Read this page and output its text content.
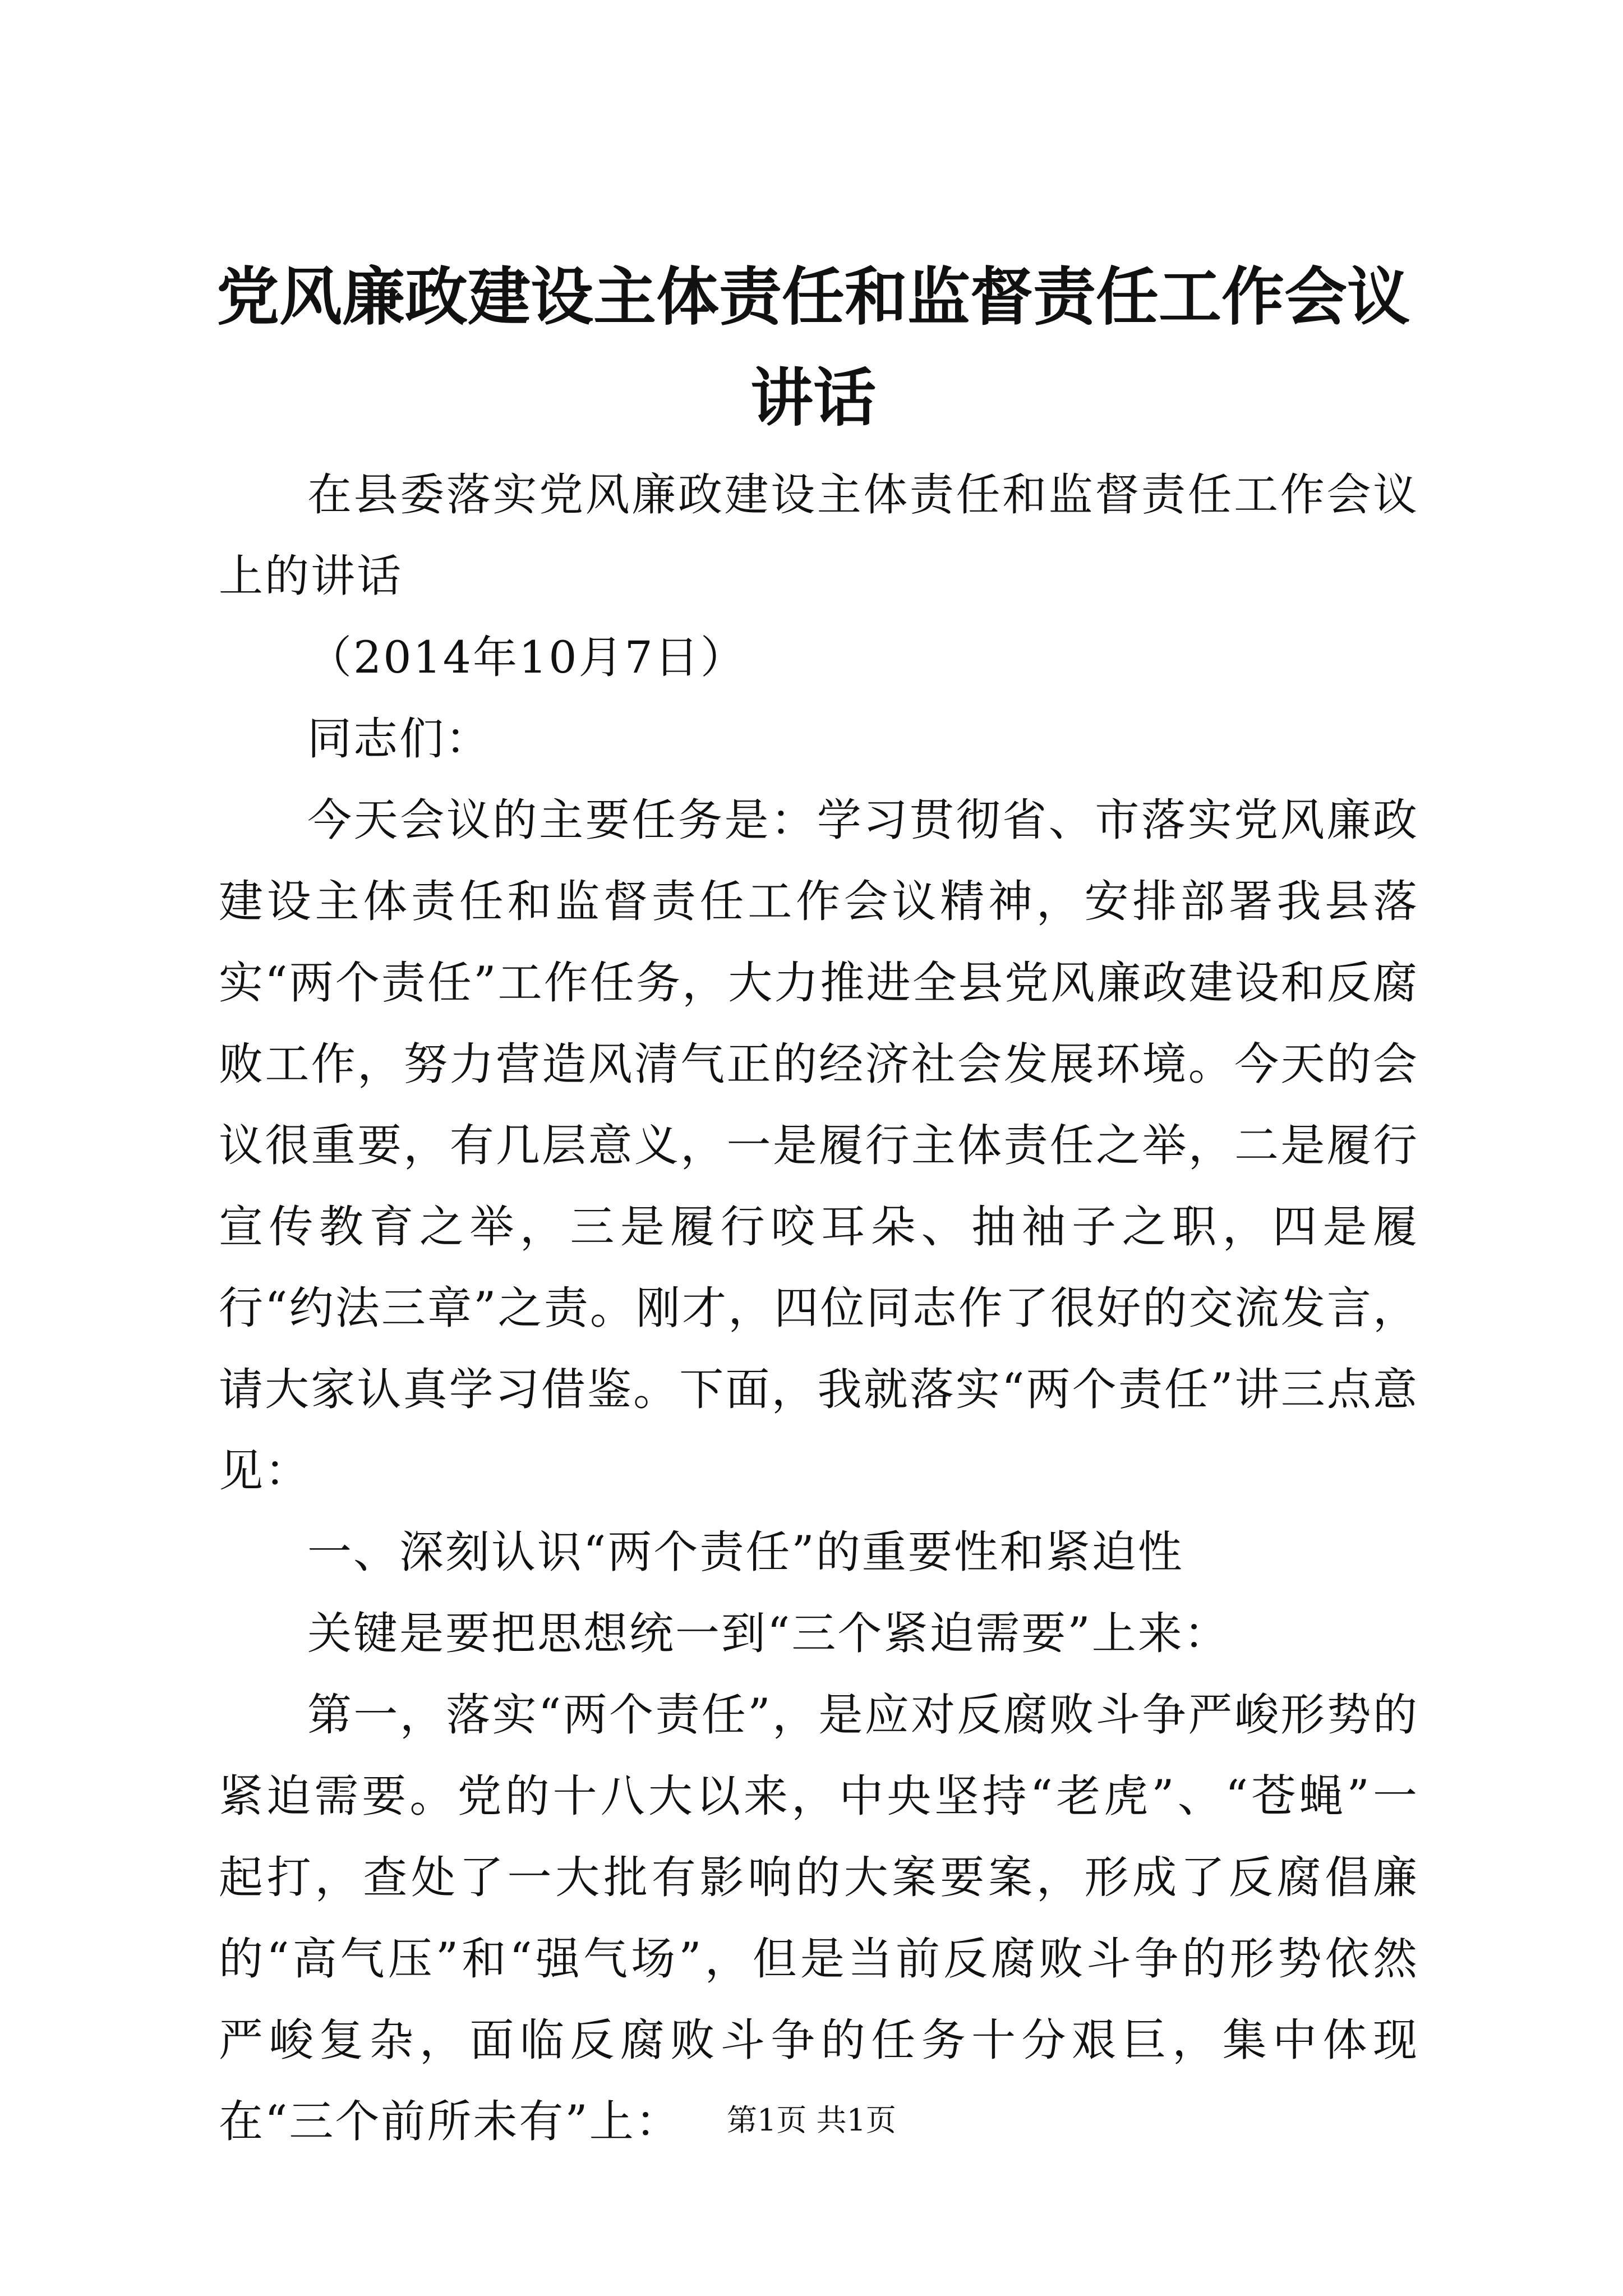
党风廉政建设主体责任和监督责任工作会议讲话

在县委落实党风廉政建设主体责任和监督责任工作会议上的讲话

（2014年10月7日）

同志们：

今天会议的主要任务是：学习贯彻省、市落实党风廉政建设主体责任和监督责任工作会议精神，安排部署我县落实“两个责任”工作任务，大力推进全县党风廉政建设和反腐败工作，努力营造风清气正的经济社会发展环境。今天的会议很重要，有几层意义，一是履行主体责任之举，二是履行宣传教育之举，三是履行咬耳朵、抽袖子之职，四是履行“约法三章”之责。刚才，四位同志作了很好的交流发言，请大家认真学习借鉴。下面，我就落实“两个责任”讲三点意见：

一、深刻认识“两个责任”的重要性和紧迫性

关键是要把思想统一到“三个紧迫需要”上来：

第一，落实“两个责任”，是应对反腐败斗争严峻形势的紧迫需要。党的十八大以来，中央坚持“老虎”、“苍蝇”一起打，查处了一大批有影响的大案要案，形成了反腐倡廉的“高气压”和“强气场”，但是当前反腐败斗争的形势依然严峻复杂，面临反腐败斗争的任务十分艰巨，集中体现在“三个前所未有”上：	第1页 共1页
